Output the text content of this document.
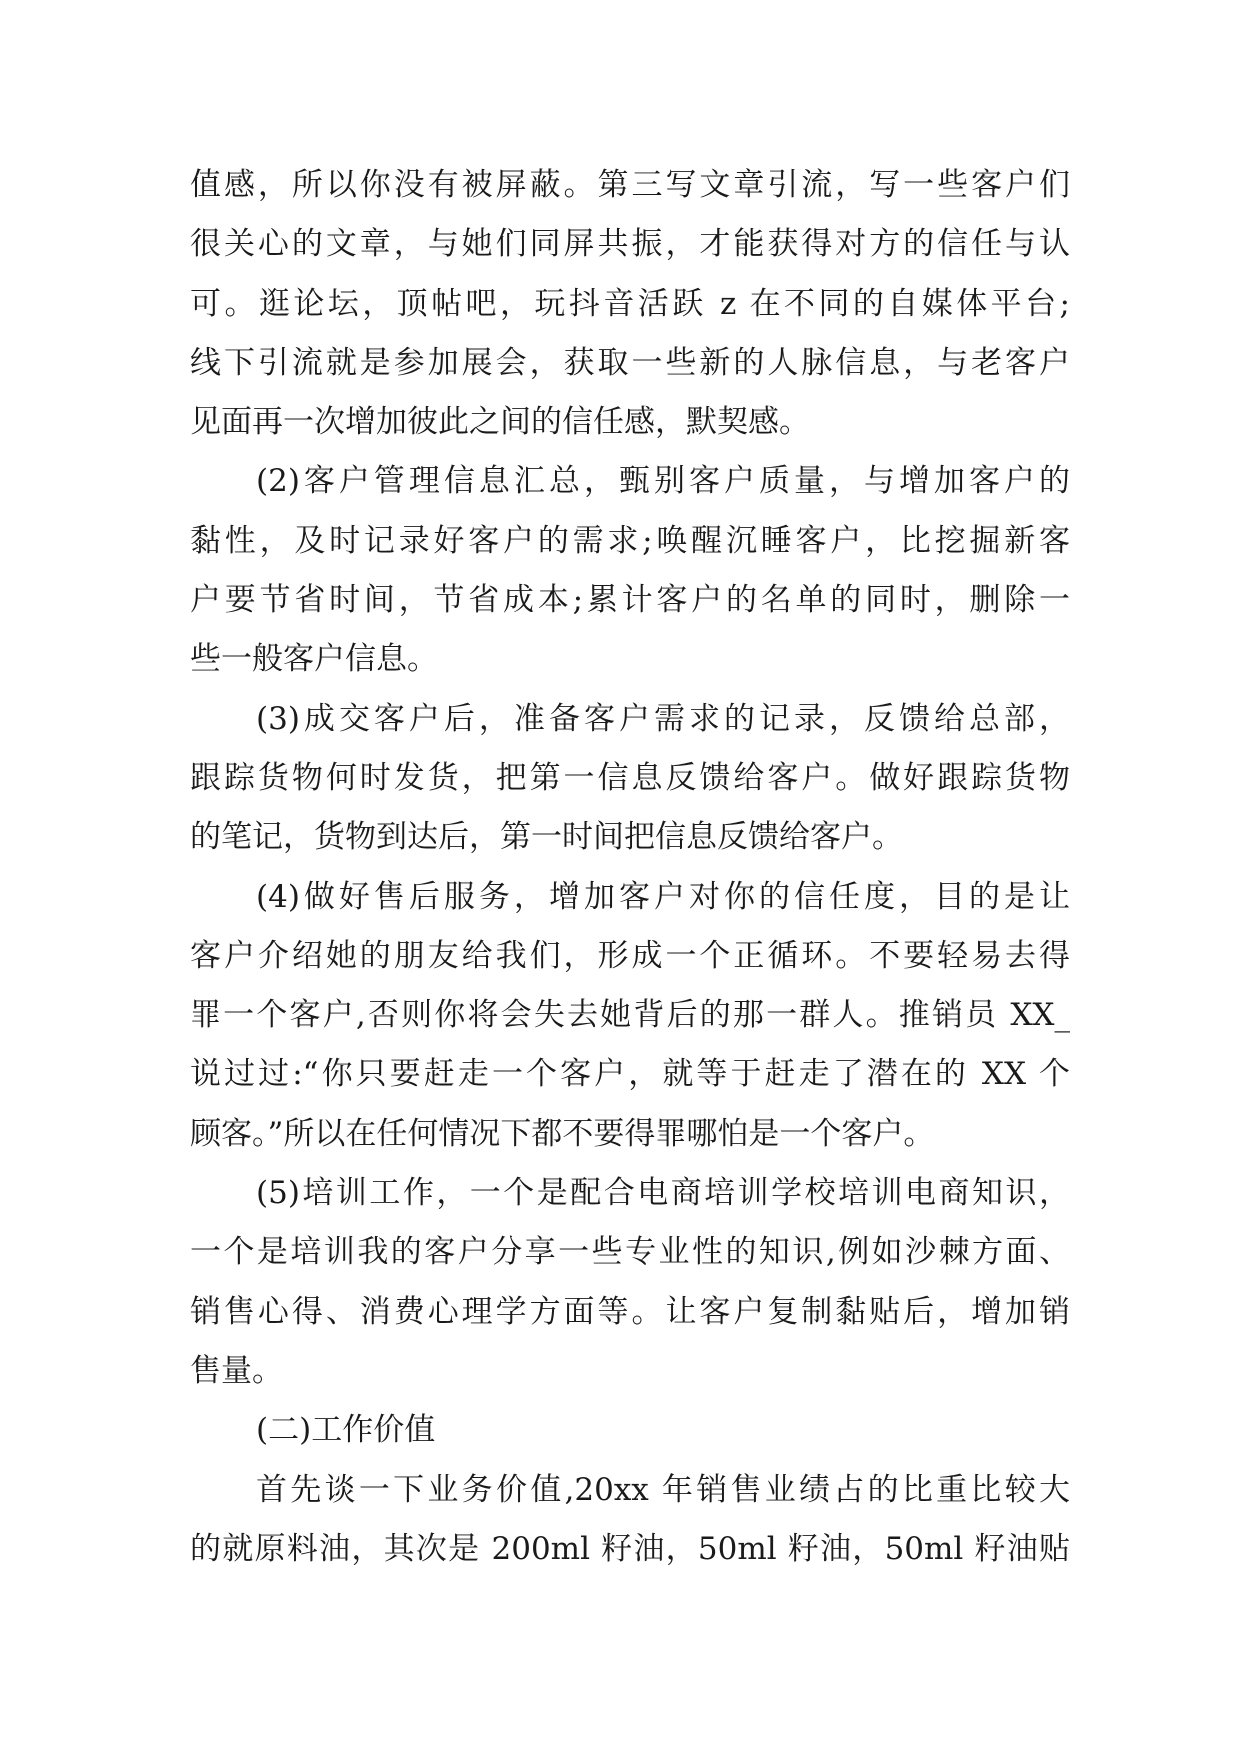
值感，所以你没有被屏蔽。第三写文章引流，写一些客户们
很关心的文章，与她们同屏共振，才能获得对方的信任与认
可。逛论坛，顶帖吧，玩抖音活跃 z 在不同的自媒体平台;
线下引流就是参加展会，获取一些新的人脉信息，与老客户
见面再一次增加彼此之间的信任感，默契感。
(2)客户管理信息汇总，甄别客户质量，与增加客户的
黏性，及时记录好客户的需求;唤醒沉睡客户，比挖掘新客
户要节省时间，节省成本;累计客户的名单的同时，删除一
些一般客户信息。
(3)成交客户后，准备客户需求的记录，反馈给总部，
跟踪货物何时发货，把第一信息反馈给客户。做好跟踪货物
的笔记，货物到达后，第一时间把信息反馈给客户。
(4)做好售后服务，增加客户对你的信任度，目的是让
客户介绍她的朋友给我们，形成一个正循环。不要轻易去得
罪一个客户,否则你将会失去她背后的那一群人。推销员 XX_
说过过:“你只要赶走一个客户，就等于赶走了潜在的 XX 个
顾客。”所以在任何情况下都不要得罪哪怕是一个客户。
(5)培训工作，一个是配合电商培训学校培训电商知识，
一个是培训我的客户分享一些专业性的知识,例如沙棘方面、
销售心得、消费心理学方面等。让客户复制黏贴后，增加销
售量。
(二)工作价值
首先谈一下业务价值,20xx 年销售业绩占的比重比较大
的就原料油，其次是 200ml 籽油，50ml 籽油，50ml 籽油贴
